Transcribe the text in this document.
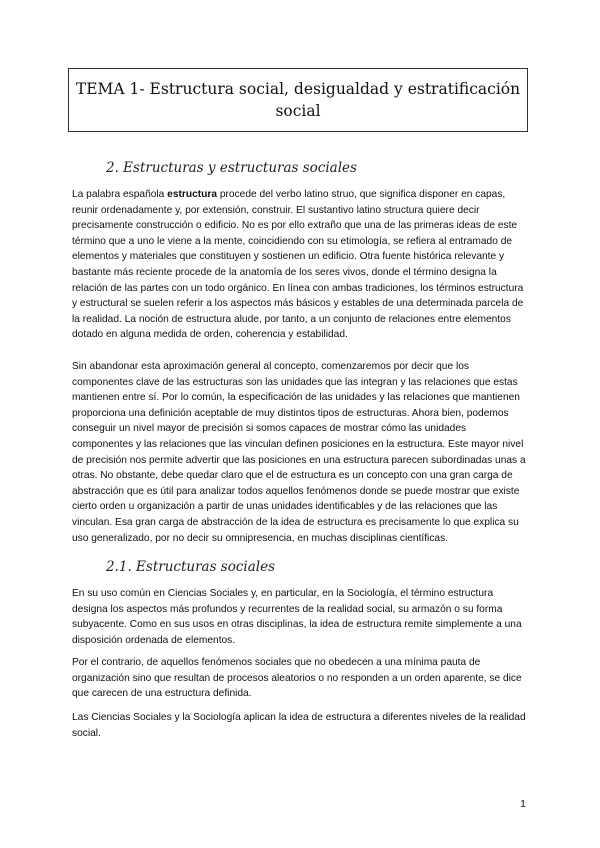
TEMA 1- Estructura social, desigualdad y estratificación
social
2. Estructuras y estructuras sociales

La palabra española estructura procede del verbo latino struo, que significa disponer en capas, reunir ordenadamente y, por extensión, construir. El sustantivo latino structura quiere decir precisamente construcción o edificio. No es por ello extraño que una de las primeras ideas de este término que a uno le viene a la mente, coincidiendo con su etimología, se refiera al entramado de elementos y materiales que constituyen y sostienen un edificio. Otra fuente histórica relevante y bastante más reciente procede de la anatomía de los seres vivos, donde el término designa la relación de las partes con un todo orgánico. En línea con ambas tradiciones, los términos estructura y estructural se suelen referir a los aspectos más básicos y estables de una determinada parcela de la realidad. La noción de estructura alude, por tanto, a un conjunto de relaciones entre elementos dotado en alguna medida de orden, coherencia y estabilidad.

Sin abandonar esta aproximación general al concepto, comenzaremos por decir que los componentes clave de las estructuras son las unidades que las integran y las relaciones que estas mantienen entre sí. Por lo común, la especificación de las unidades y las relaciones que mantienen proporciona una definición aceptable de muy distintos tipos de estructuras. Ahora bien, podemos conseguir un nivel mayor de precisión si somos capaces de mostrar cómo las unidades componentes y las relaciones que las vinculan definen posiciones en la estructura. Este mayor nivel de precisión nos permite advertir que las posiciones en una estructura parecen subordinadas unas a otras. No obstante, debe quedar claro que el de estructura es un concepto con una gran carga de abstracción que es útil para analizar todos aquellos fenómenos donde se puede mostrar que existe cierto orden u organización a partir de unas unidades identificables y de las relaciones que las vinculan. Esa gran carga de abstracción de la idea de estructura es precisamente lo que explica su uso generalizado, por no decir su omnipresencia, en muchas disciplinas científicas.

2.1. Estructuras sociales

En su uso común en Ciencias Sociales y, en particular, en la Sociología, el término estructura designa los aspectos más profundos y recurrentes de la realidad social, su armazón o su forma subyacente. Como en sus usos en otras disciplinas, la idea de estructura remite simplemente a una disposición ordenada de elementos.

Por el contrario, de aquellos fenómenos sociales que no obedecen a una mínima pauta de organización sino que resultan de procesos aleatorios o no responden a un orden aparente, se dice que carecen de una estructura definida.

Las Ciencias Sociales y la Sociología aplican la idea de estructura a diferentes niveles de la realidad social.

1
